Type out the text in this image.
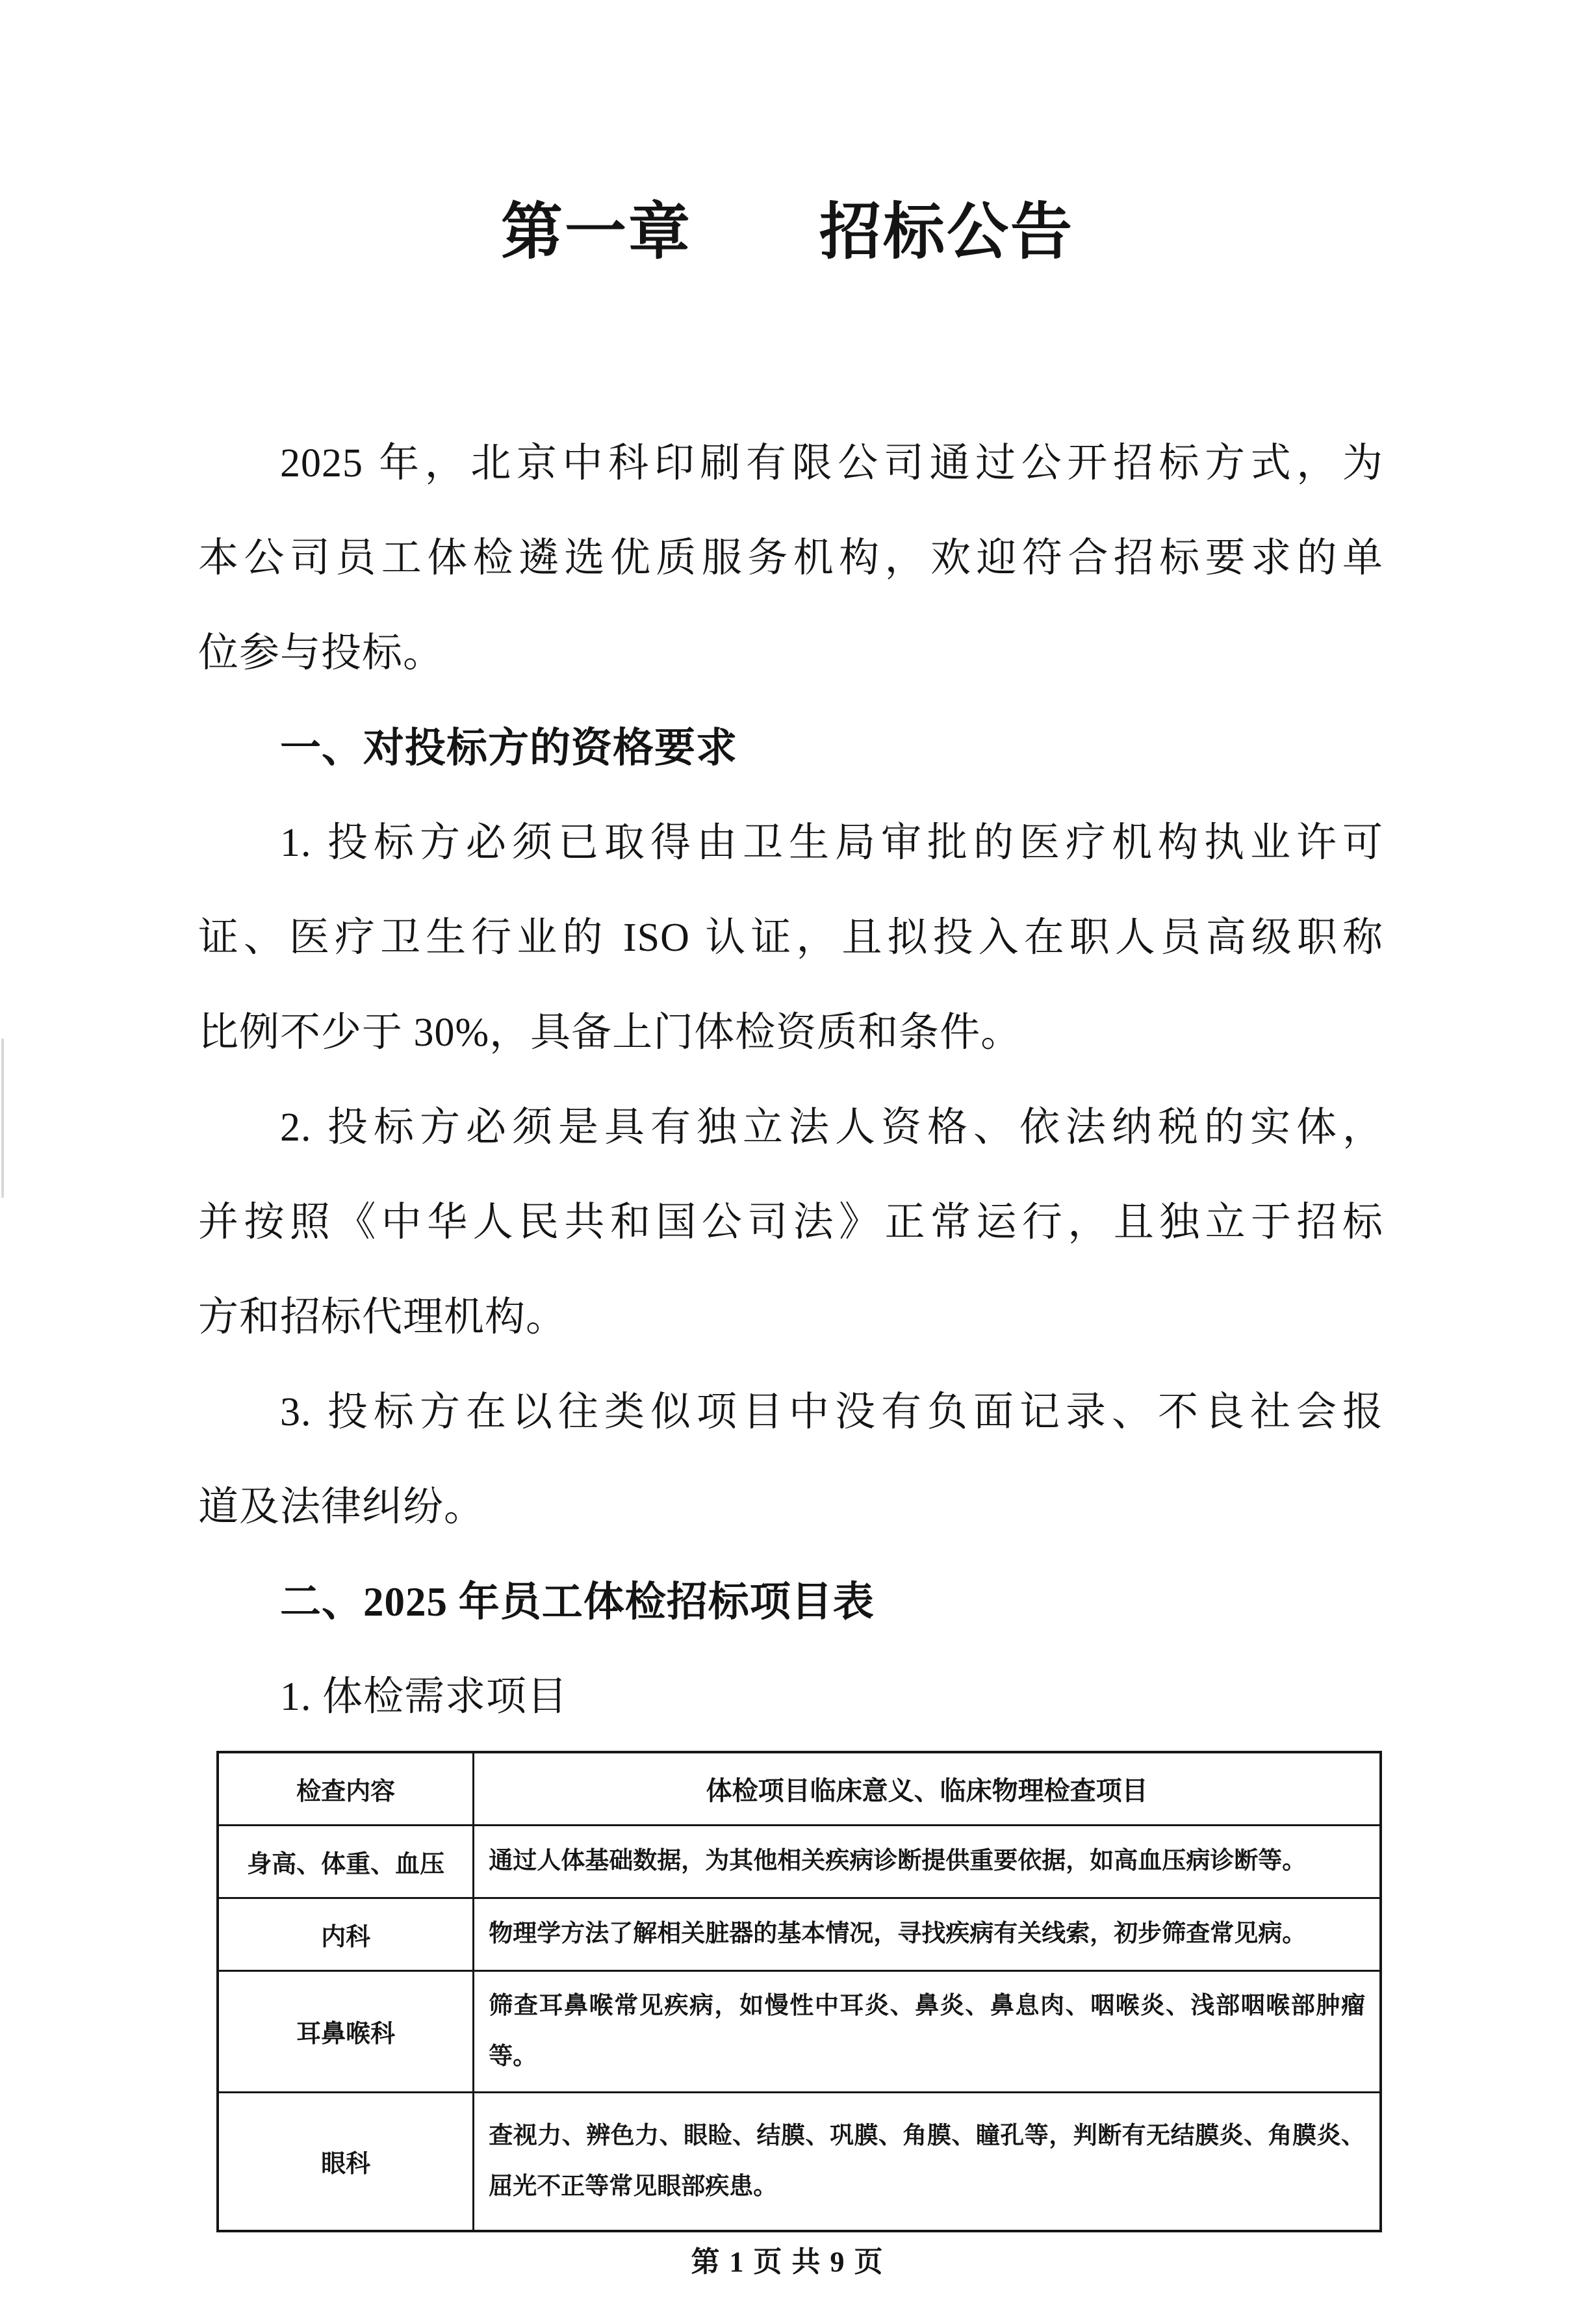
第一章　　招标公告
2025 年，北京中科印刷有限公司通过公开招标方式，为
本公司员工体检遴选优质服务机构，欢迎符合招标要求的单
位参与投标。
一、对投标方的资格要求
1. 投标方必须已取得由卫生局审批的医疗机构执业许可
证、医疗卫生行业的 ISO 认证，且拟投入在职人员高级职称
比例不少于 30%，具备上门体检资质和条件。
2. 投标方必须是具有独立法人资格、依法纳税的实体，
并按照《中华人民共和国公司法》正常运行，且独立于招标
方和招标代理机构。
3. 投标方在以往类似项目中没有负面记录、不良社会报
道及法律纠纷。
二、2025 年员工体检招标项目表
1. 体检需求项目
检查内容	体检项目临床意义、临床物理检查项目
身高、体重、血压	通过人体基础数据，为其他相关疾病诊断提供重要依据，如高血压病诊断等。

内科	物理学方法了解相关脏器的基本情况，寻找疾病有关线索，初步筛查常见病。

耳鼻喉科	筛查耳鼻喉常见疾病，如慢性中耳炎、鼻炎、鼻息肉、咽喉炎、浅部咽喉部肿瘤
等。

眼科	查视力、辨色力、眼睑、结膜、巩膜、角膜、瞳孔等，判断有无结膜炎、角膜炎、
屈光不正等常见眼部疾患。
第 1 页 共 9 页
